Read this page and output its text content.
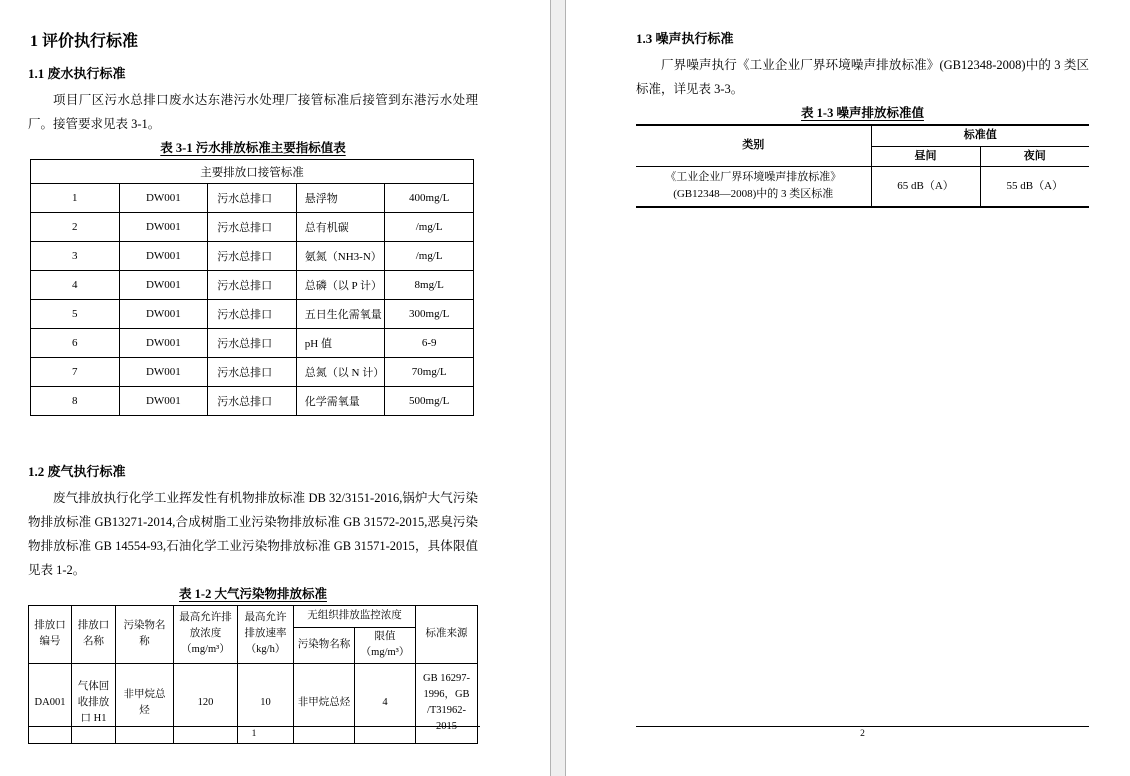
1 评价执行标准
1.1 废水执行标准

项目厂区污水总排口废水达东港污水处理厂接管标准后接管到东港污水处理厂。接管要求见表 3-1。

表 3-1 污水排放标准主要指标值表
主要排放口接管标准				
1	DW001	污水总排口	悬浮物	400mg/L
2	DW001	污水总排口	总有机碳	/mg/L
3	DW001	污水总排口	氨氮（NH3-N）	/mg/L
4	DW001	污水总排口	总磷（以 P 计）	8mg/L
5	DW001	污水总排口	五日生化需氧量	300mg/L
6	DW001	污水总排口	pH 值	6-9
7	DW001	污水总排口	总氮（以 N 计）	70mg/L
8	DW001	污水总排口	化学需氧量	500mg/L
1.2 废气执行标准

废气排放执行化学工业挥发性有机物排放标准 DB 32/3151-2016,锅炉大气污染物排放标准 GB13271-2014,合成树脂工业污染物排放标准 GB 31572-2015,恶臭污染物排放标准 GB 14554-93,石油化学工业污染物排放标准 GB 31571-2015，具体限值见表 1-2。

表 1-2 大气污染物排放标准
排放口编号	排放口名称	污染物名称	最高允许排放浓度（mg/m³）	最高允许排放速率（kg/h）	无组织排放监控浓度		标准来源
					污染物名称	限值（mg/m³）	
DA001	气体回收排放口 H1	非甲烷总烃	120	10	非甲烷总烃	4	GB 16297-1996，GB /T31962-2015
1
1.3 噪声执行标准

厂界噪声执行《工业企业厂界环境噪声排放标准》(GB12348-2008)中的 3 类区标准，详见表 3-3。

表 1-3 噪声排放标准值
类别	标准值	
	昼间	夜间
《工业企业厂界环境噪声排放标准》(GB12348—2008)中的 3 类区标准	65 dB（A）	55 dB（A）
2
